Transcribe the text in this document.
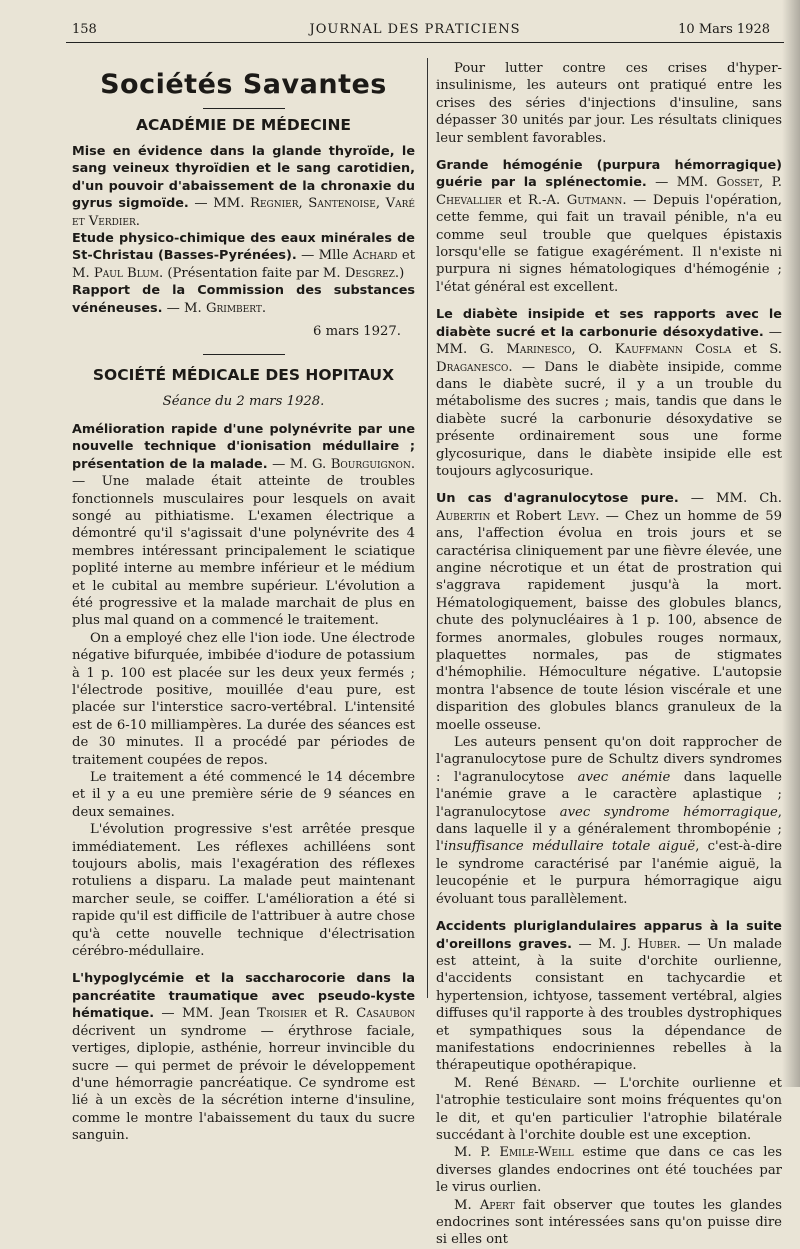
158	JOURNAL DES PRATICIENS	10 Mars 1928
Sociétés Savantes
ACADÉMIE DE MÉDECINE

Mise en évidence dans la glande thyroïde, le sang veineux thyroïdien et le sang carotidien, d'un pouvoir d'abaissement de la chronaxie du gyrus sigmoïde. — MM. Regnier, Santenoise, Varé et Verdier.

Etude physico-chimique des eaux minérales de St-Christau (Basses-Pyrénées). — Mlle Achard et M. Paul Blum. (Présentation faite par M. Desgrez.)

Rapport de la Commission des substances vénéneuses. — M. Grimbert.

6 mars 1927.
SOCIÉTÉ MÉDICALE DES HOPITAUX
Séance du 2 mars 1928.

Amélioration rapide d'une polynévrite par une nouvelle technique d'ionisation médullaire ; présentation de la malade. — M. G. Bourguignon. — Une malade était atteinte de troubles fonctionnels musculaires pour lesquels on avait songé au pithiatisme. L'examen électrique a démontré qu'il s'agissait d'une polynévrite des 4 membres intéressant principalement le sciatique poplité interne au membre inférieur et le médium et le cubital au membre supérieur. L'évolution a été progressive et la malade marchait de plus en plus mal quand on a commencé le traitement.

On a employé chez elle l'ion iode. Une électrode négative bifurquée, imbibée d'iodure de potassium à 1 p. 100 est placée sur les deux yeux fermés ; l'électrode positive, mouillée d'eau pure, est placée sur l'interstice sacro-vertébral. L'intensité est de 6-10 milliampères. La durée des séances est de 30 minutes. Il a procédé par périodes de traitement coupées de repos.

Le traitement a été commencé le 14 décembre et il y a eu une première série de 9 séances en deux semaines.

L'évolution progressive s'est arrêtée presque immédiatement. Les réflexes achilléens sont toujours abolis, mais l'exagération des réflexes rotuliens a disparu. La malade peut maintenant marcher seule, se coiffer. L'amélioration a été si rapide qu'il est difficile de l'attribuer à autre chose qu'à cette nouvelle technique d'électrisation cérébro-médullaire.

L'hypoglycémie et la saccharocorie dans la pancréatite traumatique avec pseudo-kyste hématique. — MM. Jean Troisier et R. Casaubon décrivent un syndrome — érythrose faciale, vertiges, diplopie, asthénie, horreur invincible du sucre — qui permet de prévoir le développement d'une hémorragie pancréatique. Ce syndrome est lié à un excès de la sécrétion interne d'insuline, comme le montre l'abaissement du taux du sucre sanguin.

Pour lutter contre ces crises d'hyper-insulinisme, les auteurs ont pratiqué entre les crises des séries d'injections d'insuline, sans dépasser 30 unités par jour. Les résultats cliniques leur semblent favorables.

Grande hémogénie (purpura hémorragique) guérie par la splénectomie. — MM. Gosset, P. Chevallier et R.-A. Gutmann. — Depuis l'opération, cette femme, qui fait un travail pénible, n'a eu comme seul trouble que quelques épistaxis lorsqu'elle se fatigue exagérément. Il n'existe ni purpura ni signes hématologiques d'hémogénie ; l'état général est excellent.

Le diabète insipide et ses rapports avec le diabète sucré et la carbonurie désoxydative. — MM. G. Marinesco, O. Kauffmann Cosla et S. Draganesco. — Dans le diabète insipide, comme dans le diabète sucré, il y a un trouble du métabolisme des sucres ; mais, tandis que dans le diabète sucré la carbonurie désoxydative se présente ordinairement sous une forme glycosurique, dans le diabète insipide elle est toujours aglycosurique.

Un cas d'agranulocytose pure. — MM. Ch. Aubertin et Robert Levy. — Chez un homme de 59 ans, l'affection évolua en trois jours et se caractérisa cliniquement par une fièvre élevée, une angine nécrotique et un état de prostration qui s'aggrava rapidement jusqu'à la mort. Hématologiquement, baisse des globules blancs, chute des polynucléaires à 1 p. 100, absence de formes anormales, globules rouges normaux, plaquettes normales, pas de stigmates d'hémophilie. Hémoculture négative. L'autopsie montra l'absence de toute lésion viscérale et une disparition des globules blancs granuleux de la moelle osseuse.

Les auteurs pensent qu'on doit rapprocher de l'agranulocytose pure de Schultz divers syndromes : l'agranulocytose avec anémie dans laquelle l'anémie grave a le caractère aplastique ; l'agranulocytose avec syndrome hémorragique, dans laquelle il y a généralement thrombopénie ; l'insuffisance médullaire totale aiguë, c'est-à-dire le syndrome caractérisé par l'anémie aiguë, la leucopénie et le purpura hémorragique aigu évoluant tous parallèlement.

Accidents pluriglandulaires apparus à la suite d'oreillons graves. — M. J. Huber. — Un malade est atteint, à la suite d'orchite ourlienne, d'accidents consistant en tachycardie et hypertension, ichtyose, tassement vertébral, algies diffuses qu'il rapporte à des troubles dystrophiques et sympathiques sous la dépendance de manifestations endocriniennes rebelles à la thérapeutique opothérapique.

M. René Bénard. — L'orchite ourlienne et l'atrophie testiculaire sont moins fréquentes qu'on le dit, et qu'en particulier l'atrophie bilatérale succédant à l'orchite double est une exception.

M. P. Emile-Weill estime que dans ce cas les diverses glandes endocrines ont été touchées par le virus ourlien.

M. Apert fait observer que toutes les glandes endocrines sont intéressées sans qu'on puisse dire si elles ont
